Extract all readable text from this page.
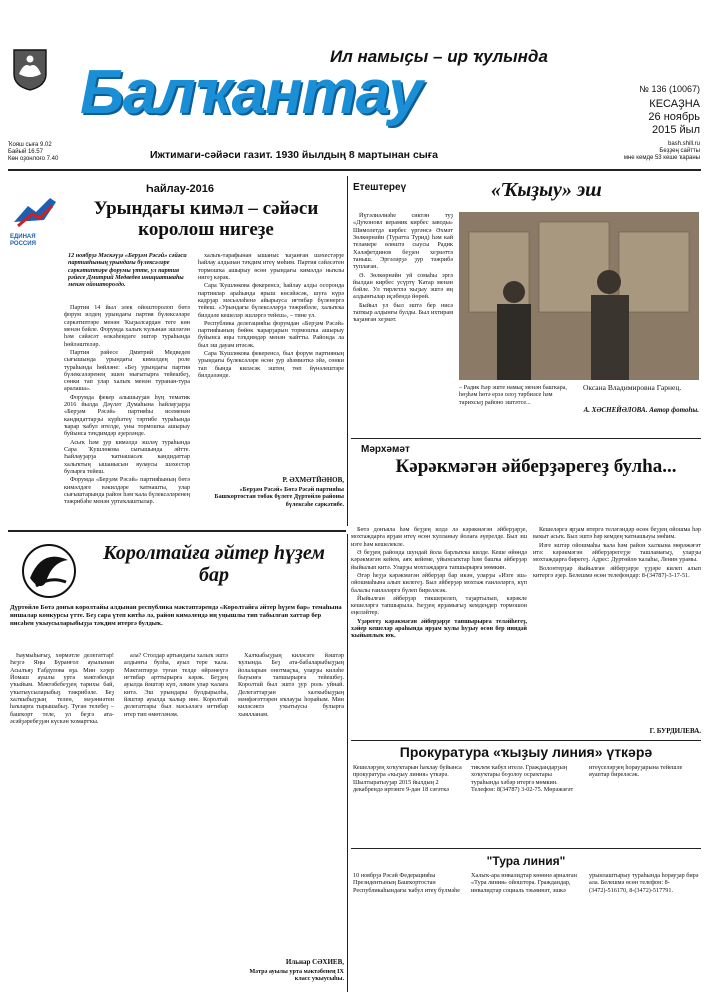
Ҡояш сыға 9.02
Байый 16.57
Көн оҙонлоғо 7.40
Ил намыҫы – ир ҡулында
Балҡантау	№ 136 (10067)
КЕСАҘНА
26 ноябрь
2015 йыл
Ижтимаги-сәйәси газит. 1930 йылдың 8 мартынан сыға
bash.shill.ru
Беҙҙең сайтты
мне кемде 53 кеше ҡараны
ЕДИНАЯ РОССИЯ
Һайлау-2016
Урындағы кимәл – сәйәси королош нигеҙе
12 ноябрҙә Мәскәүҙә «Берҙәм Рәсәй» сәйәси партияһының урындағы бүлексәләре сәркәтиптәре форумы үтте, ул партия рәйесе Дмитрий Медведев инициативаһы менән ойошторолдо.

Партия 14 йыл элек ойошторолоп бөтә форум илдең урындағы партия бүлексәләре сәркәтиптәре менән Ҡыҙылсардан теге көн менән бәйле. Форумда халыҡ ҡулынан эшләгән һәм сәйәсәт өлкәһендәге эштәр тураһында һөйләштеләр.

Партия рәйесе Дмитрий Медведев сығышында урындағы кимәлдең роле тураһында һөйләне: «Беҙ урындағы партия бүлексәләренең эшен нығытырға тейешбеҙ, сөнки тап улар халыҡ менән туранан-тура аралаша».

Форумда фекер алышыуҙан һуң тематик 2016 йылда Дәүләт Думаһына һайлауҙарҙа «Берҙәм Рәсәй» партияһы исеменән кандидаттарҙы күрһәтеү тәртибе тураһында ҡарар ҡабул ителде, уны тормошҡа ашырыу буйынса тәҡдимдәр әҙерләнде.

Асыҡ һәм ҙур кимәлдә эшләү тураһында Сара Ҡушлөкова сығышында әйтте. Һайлауҙарҙа ҡатнашасаҡ кандидаттар халыҡтың ышанысын яулаусы шәхестәр булырға тейеш.

Форумда «Берҙәм Рәсәй» партияһының бөтә кимәлдәге вәкилдәре ҡатнашты, улар сығыштарында район һәм ҡала бүлексәләренең тәжрибәһе менән уртаҡлаштылар.

халыҡ-тарафынан ышаныс ҡаҙанған шәхестәрҙе һайлау алдынан тәҡдим итеү мөһим. Партия сәйәсәтен тормошҡа ашырыу өсөн урындағы кимәлдә ныҡлы нигеҙ кәрәк.

Сара Ҡушлөкова фекеренсә, һайлау алды осоронда партиялар араһында ярыш көсәйәсәк, шуға күрә кадрҙар мәсьәләһенә айырыуса иғтибар бүленергә тейеш. «Урындағы бүлексәләрҙә тәжрибәле, халыҡҡа билдәле кешеләр эшләргә тейеш», – тине ул.

Республика делегацияһы форумдан «Берҙәм Рәсәй» партияһының бөйөк ҡарарҙарын тормошҡа ашырыу буйынса яңы тәҡдимдәр менән ҡайтты. Районда ла был эш дауам итәсәк.

Сара Ҡушлөкова фекеренсә, был форум партияның урындағы бүлексәләре өсөн ҙур әһәмиәткә эйә, сөнки тап бында киләсәк эштең төп йүнәлештәре билдәләнде.

Р. ӘХМӘТЙӘНОВ,
«Берҙәм Рәсәй» Бөтә Рәсәй партияһы Башҡортостан төбәк бүлеге Дүртөйлө районы бүлексәһе сәркәтибе.
Етештереү	«Ҡыҙыу» эш

Йүгәлиәлиәһе сиктән туҙ «Дуҡоновл керамик кирбес заводы» Шимолетдә кирбес үргәнсә Әхмәт Зөлкөрнәйн (Туратта Турид) һәм кай теламере өлөштә сыусы Радик Хәләфетдинов беҙҙен хеҙмәттә таныш. Эргәләрҙә ҙур тәжрибә туплаған.

Ә. Зөлкөрнәйн уй сомаһы эргә йылдан кирбес усүртү Ҡатар менән бәйле. Ул тирлетлә ҡыҙыу эштә иң алдынғылар иҫәбендә йөрөй.

Быйыл ул был эштә бер нисә тапҡыр алдынғы булды. Был ихтирам ҡаҙанған хеҙмәт.

– Радик Һәр эште намыҫ менән башҡара, һөҙһәм һөтә ерзә олоҙ тәрбиәсе һәм тарихсыҙ районо эштәтсе...
Оксана Владимировна Гарнец.
А. ХӘСНЕЙӘЛОВА. Автор фотоһы.
Мәрхәмәт
Кәрәкмәгән әйберҙәрегеҙ булһа...

Бөтә донъяла һәм беҙҙең илдә лә кәрәкмәгән әйберҙәрҙе, мохтаждарға ярҙам итеү өсөн ҡулланыу йолаға әүерелде. Был эш изге һәм кешелекле.

Ә беҙҙең районда шундай йола барлыҡҡа килде. Кеше өйөндә кәрәкмәгән кейем, аяҡ кейеме, уйынсыҡтар һәм башҡа әйберҙәр йыйылып китә. Уларҙы мохтаждарға тапшырырға мөмкин.

Әгәр һеҙҙә кәрәкмәгән әйберҙәр бар икән, уларҙы «Изге эш» ойошмаһына алып килегеҙ. Был әйберҙәр мохтаж ғаиләләргә, күп балалы ғаиләләргә бүлеп биреләсәк.

Йыйылған әйберҙәр тикшерелеп, таҙартылып, кәрәкле кешеләргә тапшырыла. Һеҙҙең ярҙамығыҙ кемдеңдер тормошон еңеләйтер.

Үҙәрегеҙ кәрәкмәгән әйберҙәрҙе тапшырырға теләйһегеҙ, хәйер кешеләр араһында ярҙам ҡулы һуҙыу өсөн бер ниндәй ҡыйынлыҡ юҡ.

Кешеләргә ярҙам итергә теләгәндәр өсөн беҙҙең ойошма һәр ваҡыт асыҡ. Был эштә һәр кемдең ҡатнашыуы мөһим.

Изге эштәр ойошмаһы ҡала һәм район халҡына мөрәжәғәт итә: кәрәкмәгән әйберҙәрегеҙҙе ташламағыҙ, уларҙы мохтаждарға бирегеҙ. Адрес: Дүртөйлө ҡалаһы, Ленин урамы.

Волонтерҙар йыйылған әйберҙәрҙе үҙҙәре килеп алып китергә әҙер. Белешмә өсөн телефондар: 8-(34787)-3-17-51.

Г. БУРДИЛЕВА.
Королтайға әйтер һүҙем бар
Дүртөйлө Бөтә донъя королтайы алдынан республика мәктәптәрендә «Королтайға әйтер һүҙем бар» темаһына иншалар конкурсы үтте. Беҙ сара үтеп китһә лә, район кимәлендә иң уңышлы тип табылған хаттар бер нисәһен уҡыусыларыбыҙҙа тәҡдим итергә булдыҡ.

Һаумыһығыҙ, хөрмәтле делегаттар! Һеҙгә Яңы Буранғол ауылынан Асылъяҙ Ғабдулова яҙа. Мин хәҙер Йомаш ауылы урта мәктәбендә уҡыйым. Мәктәбебеҙҙең тарихы бай, уҡытыусыларыбыҙ тәжрибәле. Беҙ халҡыбыҙҙың телен, мәҙәниәтен һаҡларға тырышабыҙ. Туған телебеҙ – башҡорт теле, ул беҙгә ата-әсәйҙәребеҙҙән күскән ҡомартҡы.

ала? Столдар артындағы халыҡ эштә алдынғы булһа, ауыл тере ҡала. Мәктәптәрҙә туған телде өйрәнеүгә иғтибар арттырырға кәрәк. Беҙҙең ауылда йәштәр күп, ләкин улар ҡалаға китә. Эш урындары булдырылһа, йәштәр ауылда ҡалыр ине. Королтай делегаттары был мәсьәләгә иғтибар итер тип өмөтләнәм.

Халҡыбыҙҙың киләсәге йәштәр ҡулында. Беҙ ата-бабаларыбыҙҙың йолаларын онотмаҫҡа, уларҙы киләһе быуынға тапшырырға тейешбеҙ. Королтай был эштә ҙур роль уйнай. Делегаттарҙан халҡыбыҙҙың мәнфәғәттәрен яҡлауҙы һорайым. Мин киләсәктә уҡытыусы булырға хыялланам.

Ильнар СӘХИЕВ,
Мәтрә ауылы урта мәктәбенең IX класс уҡыусыһы.
Прокуратура «ҡыҙыу линия» үткәрә
Кешеләрҙең хоҡуҡтарын һаҡлау буйынса прокуратура «ҡыҙыу линия» үткәрә. Шылтыратыуҙар 2015 йылдың 2 декабрендә иртәнге 9-дан 18 сәғәткә тиклем ҡабул ителә. Граждандарҙың хоҡуҡтары боҙолоу осраҡтары тураһында хәбәр итергә мөмкин. Телефон: 8(34787) 3-02-75. Мөрәжәғәт итеүселәрҙең һорауҙарына тейешле яуаптар биреләсәк.
"Тура линия"
10 ноябрҙә Рәсәй Федерацияһы Президентының Башҡортостан Республикаһындағы ҡабул итеү бүлмәһе Халыҡ-ара инвалидтар көнөнә арналған «Тура линия» ойоштора. Граждандар, инвалидтар социаль тәьминәт, эшкә урынлаштырыу тураһында һорауҙар бирә ала. Белешмә өсөн телефон: 8-(3472)-516170, 8-(3472)-517791.
